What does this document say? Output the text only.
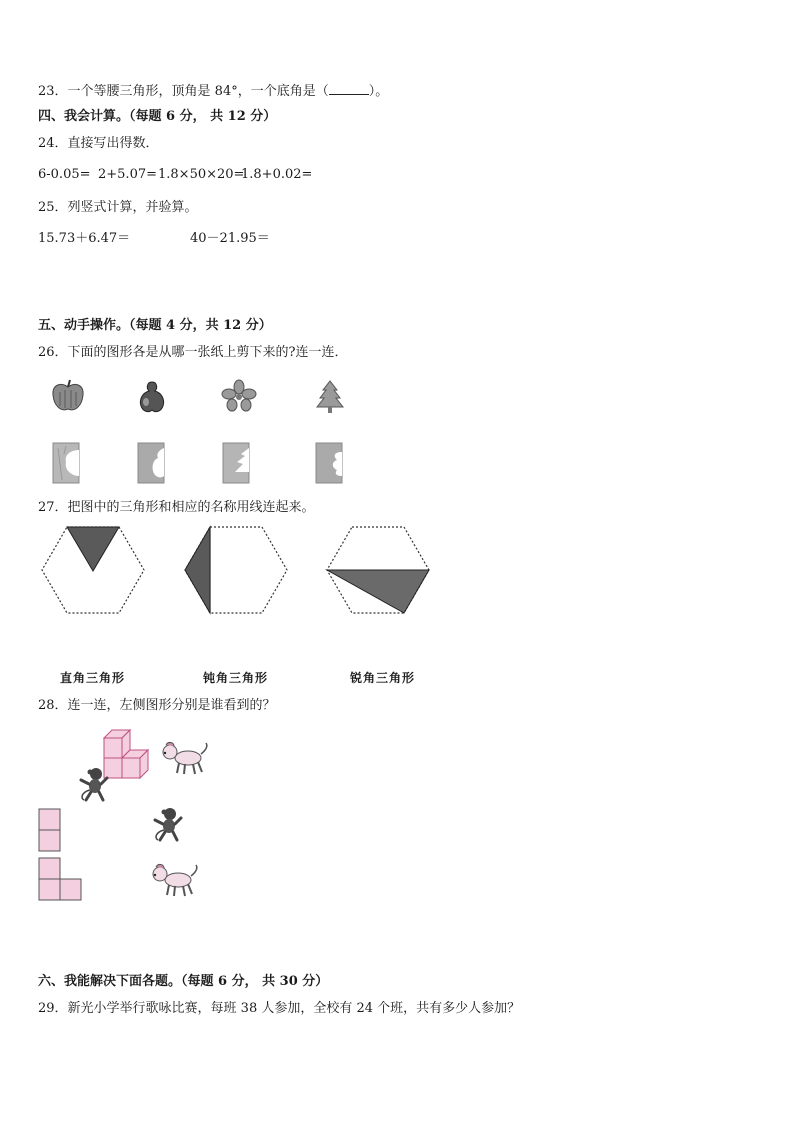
23．一个等腰三角形，顶角是 84°，一个底角是（	）。
四、我会计算。（每题 6 分， 共 12 分）
24．直接写出得数．
6-0.05= 2+5.07= 1.8×50×20=
1.8+0.02=
25．列竖式计算，并验算。
15.73＋6.47＝	40－21.95＝
五、动手操作。（每题 4 分，共 12 分）
26．下面的图形各是从哪一张纸上剪下来的?连一连．
27．把图中的三角形和相应的名称用线连起来。
直角三角形	钝角三角形	锐角三角形
28．连一连，左侧图形分别是谁看到的？
六、我能解决下面各题。（每题 6 分， 共 30 分）
29．新光小学举行歌咏比赛，每班 38 人参加，全校有 24 个班，共有多少人参加？
